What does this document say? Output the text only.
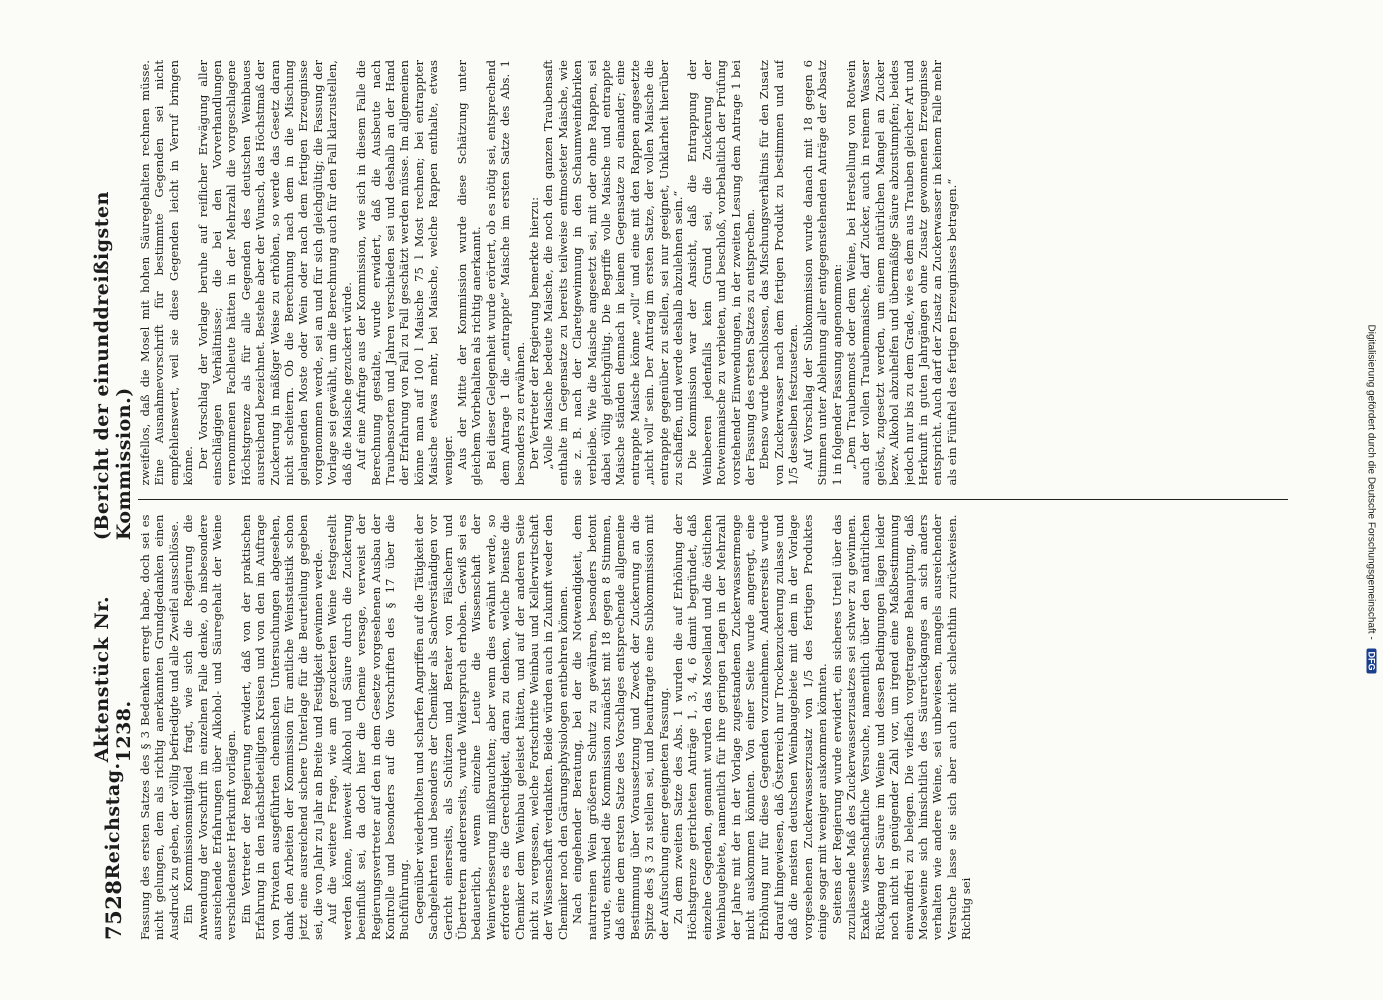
7528
Reichstag.
Aktenstück Nr. 1238.
(Bericht der einunddreißigsten Kommission.)

Fassung des ersten Satzes des § 3 Bedenken erregt habe, doch sei es nicht gelungen, dem als richtig anerkannten Grundgedanken einen Ausdruck zu geben, der völlig befriedigte und alle Zweifel ausschlösse. Ein Kommissionsmitglied fragt, wie sich die Regierung die Anwendung der Vorschrift im einzelnen Falle denke, ob insbesondere ausreichende Erfahrungen über Alkohol- und Säuregehalt der Weine verschiedenster Herkunft vorlägen. Ein Vertreter der Regierung erwidert, daß von der praktischen Erfahrung in den nächstbeteiligten Kreisen und von den im Auftrage von Privaten ausgeführten chemischen Untersuchungen abgesehen, dank den Arbeiten der Kommission für amtliche Weinstatistik schon jetzt eine ausreichend sichere Unterlage für die Beurteilung gegeben sei, die von Jahr zu Jahr an Breite und Festigkeit gewinnen werde. Auf die weitere Frage, wie am gezuckerten Weine festgestellt werden könne, inwieweit Alkohol und Säure durch die Zuckerung beeinflußt sei, da doch hier die Chemie versage, verweist der Regierungsvertreter auf den in dem Gesetze vorgesehenen Ausbau der Kontrolle und besonders auf die Vorschriften des § 17 über die Buchführung. Gegenüber wiederholten und scharfen Angriffen auf die Tätigkeit der Sachgelehrten und besonders der Chemiker als Sachverständigen vor Gericht einerseits, als Schützen und Berater von Fälschern und Übertretern andererseits, wurde Widerspruch erhoben. Gewiß sei es bedauerlich, wenn einzelne Leute die Wissenschaft der Weinverbesserung mißbrauchten; aber wenn dies erwähnt werde, so erfordere es die Gerechtigkeit, daran zu denken, welche Dienste die Chemiker dem Weinbau geleistet hätten, und auf der anderen Seite nicht zu vergessen, welche Fortschritte Weinbau und Kellerwirtschaft der Wissenschaft verdankten. Beide würden auch in Zukunft weder den Chemiker noch den Gärungsphysiologen entbehren können. Nach eingehender Beratung, bei der die Notwendigkeit, dem naturreinen Wein größeren Schutz zu gewähren, besonders betont wurde, entschied die Kommission zunächst mit 18 gegen 8 Stimmen, daß eine dem ersten Satze des Vorschlages entsprechende allgemeine Bestimmung über Voraussetzung und Zweck der Zuckerung an die Spitze des § 3 zu stellen sei, und beauftragte eine Subkommission mit der Aufsuchung einer geeigneten Fassung. Zu dem zweiten Satze des Abs. 1 wurden die auf Erhöhung der Höchstgrenze gerichteten Anträge 1, 3, 4, 6 damit begründet, daß einzelne Gegenden, genannt wurden das Moselland und die östlichen Weinbaugebiete, namentlich für ihre geringen Lagen in der Mehrzahl der Jahre mit der in der Vorlage zugestandenen Zuckerwassermenge nicht auskommen könnten. Von einer Seite wurde angeregt, eine Erhöhung nur für diese Gegenden vorzunehmen. Andererseits wurde darauf hingewiesen, daß Österreich nur Trockenzuckerung zulasse und daß die meisten deutschen Weinbaugebiete mit dem in der Vorlage vorgesehenen Zuckerwasserzusatz von 1/5 des fertigen Produktes einige sogar mit weniger auskommen könnten. Seitens der Regierung wurde erwidert, ein sicheres Urteil über das zuzulassende Maß des Zuckerwasserzusatzes sei schwer zu gewinnen. Exakte wissenschaftliche Versuche, namentlich über den natürlichen Rückgang der Säure im Weine und dessen Bedingungen lägen leider noch nicht in genügender Zahl vor, um irgend eine Maßbestimmung einwandfrei zu belegen. Die vielfach vorgetragene Behauptung, daß Moselweine sich hinsichtlich des Säurerückganges an sich anders verhalten wie andere Weine, sei unbewiesen, mangels ausreichender Versuche lasse sie sich aber auch nicht schlechthin zurückweisen. Richtig sei

zweifellos, daß die Mosel mit hohen Säuregehalten rechnen müsse. Eine Ausnahmevorschrift für bestimmte Gegenden sei nicht empfehlenswert, weil sie diese Gegenden leicht in Verruf bringen könne. Der Vorschlag der Vorlage beruhe auf reiflicher Erwägung aller einschlägigen Verhältnisse; die bei den Vorverhandlungen vernommenen Fachleute hätten in der Mehrzahl die vorgeschlagene Höchstgrenze als für alle Gegenden des deutschen Weinbaues ausreichend bezeichnet. Bestehe aber der Wunsch, das Höchstmaß der Zuckerung in mäßiger Weise zu erhöhen, so werde das Gesetz daran nicht scheitern. Ob die Berechnung nach dem in die Mischung gelangenden Moste oder Wein oder nach dem fertigen Erzeugnisse vorgenommen werde, sei an und für sich gleichgültig; die Fassung der Vorlage sei gewählt, um die Berechnung auch für den Fall klarzustellen, daß die Maische gezuckert würde. Auf eine Anfrage aus der Kommission, wie sich in diesem Falle die Berechnung gestalte, wurde erwidert, daß die Ausbeute nach Traubensorten und Jahren verschieden sei und deshalb an der Hand der Erfahrung von Fall zu Fall geschätzt werden müsse. Im allgemeinen könne man auf 100 l Maische 75 l Most rechnen; bei entrappter Maische etwas mehr, bei Maische, welche Rappen enthalte, etwas weniger. Aus der Mitte der Kommission wurde diese Schätzung unter gleichem Vorbehalten als richtig anerkannt. Bei dieser Gelegenheit wurde erörtert, ob es nötig sei, entsprechend dem Antrage 1 die „entrappte“ Maische im ersten Satze des Abs. 1 besonders zu erwähnen. Der Vertreter der Regierung bemerkte hierzu: „Volle Maische bedeute Maische, die noch den ganzen Traubensaft enthalte im Gegensatze zu bereits teilweise entmosteter Maische, wie sie z. B. nach der Claretgewinnung in den Schaumweinfabriken verbleibe. Wie die Maische angesetzt sei, mit oder ohne Rappen, sei dabei völlig gleichgültig. Die Begriffe volle Maische und entrappte Maische ständen demnach in keinem Gegensatze zu einander; eine entrappte Maische könne „voll“ und eine mit den Rappen angesetzte „nicht voll“ sein. Der Antrag im ersten Satze, der vollen Maische die entrappte gegenüber zu stellen, sei nur geeignet, Unklarheit hierüber zu schaffen, und werde deshalb abzulehnen sein.“ Die Kommission war der Ansicht, daß die Entrappung der Weinbeeren jedenfalls kein Grund sei, die Zuckerung der Rotweinmaische zu verbieten, und beschloß, vorbehaltlich der Prüfung vorstehender Einwendungen, in der zweiten Lesung dem Antrage 1 bei der Fassung des ersten Satzes zu entsprechen. Ebenso wurde beschlossen, das Mischungsverhältnis für den Zusatz von Zuckerwasser nach dem fertigen Produkt zu bestimmen und auf 1/5 desselben festzusetzen. Auf Vorschlag der Subkommission wurde danach mit 18 gegen 6 Stimmen unter Ablehnung aller entgegenstehenden Anträge der Absatz 1 in folgender Fassung angenommen: „Dem Traubenmost oder dem Weine, bei Herstellung von Rotwein auch der vollen Traubenmaische, darf Zucker, auch in reinem Wasser gelöst, zugesetzt werden, um einem natürlichen Mangel an Zucker bezw. Alkohol abzuhelfen und übermäßige Säure abzustumpfen; beides jedoch nur bis zu dem Grade, wie es dem aus Trauben gleicher Art und Herkunft in guten Jahrgängen ohne Zusatz gewonnenen Erzeugnisse entspricht. Auch darf der Zusatz an Zuckerwasser in keinem Falle mehr als ein Fünftel des fertigen Erzeugnisses betragen.“	Digitalisierung gefördert durch die Deutsche Forschungsgemeinschaft - DFG
